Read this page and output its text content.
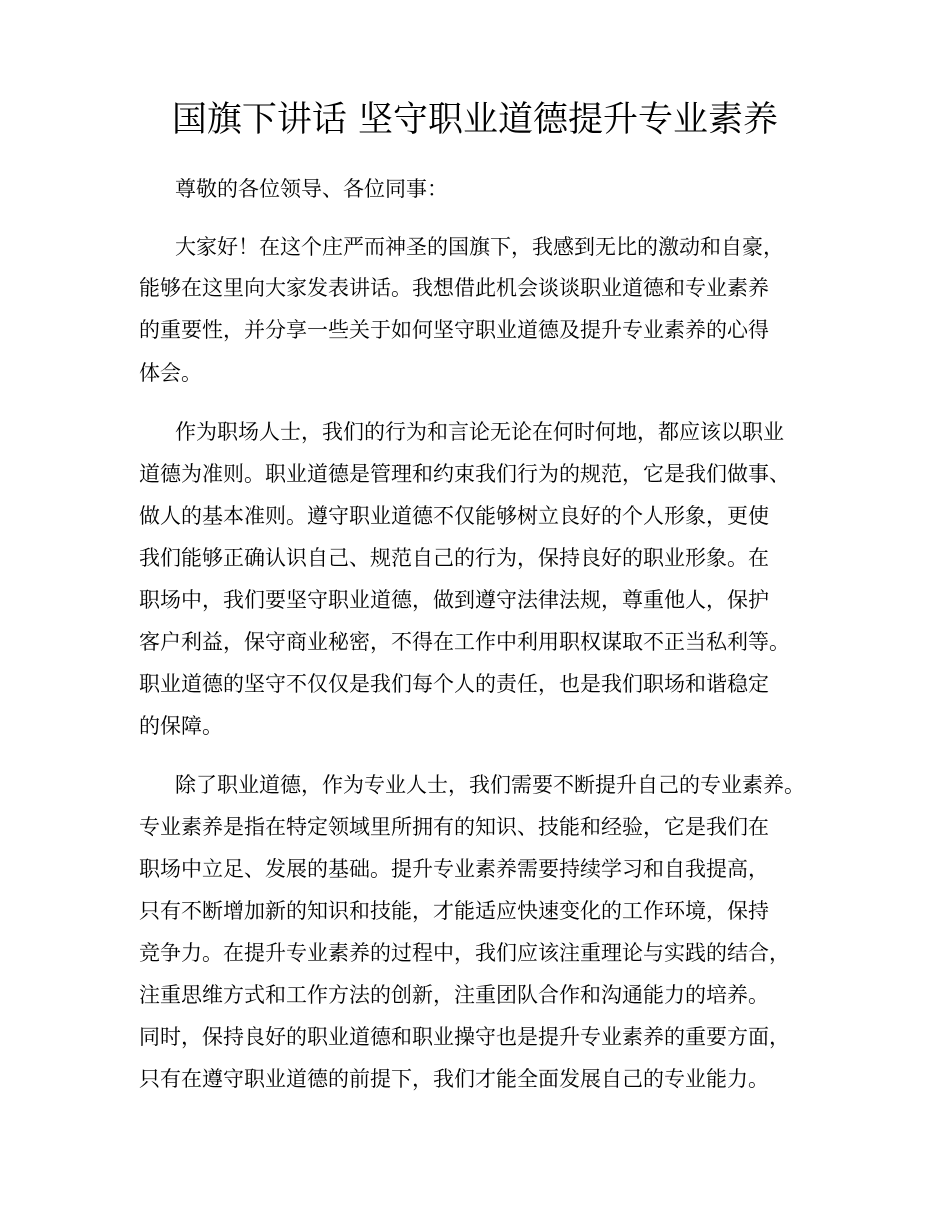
国旗下讲话 坚守职业道德提升专业素养

尊敬的各位领导、各位同事：

大家好！在这个庄严而神圣的国旗下，我感到无比的激动和自豪，

能够在这里向大家发表讲话。我想借此机会谈谈职业道德和专业素养

的重要性，并分享一些关于如何坚守职业道德及提升专业素养的心得

体会。

作为职场人士，我们的行为和言论无论在何时何地，都应该以职业

道德为准则。职业道德是管理和约束我们行为的规范，它是我们做事、

做人的基本准则。遵守职业道德不仅能够树立良好的个人形象，更使

我们能够正确认识自己、规范自己的行为，保持良好的职业形象。在

职场中，我们要坚守职业道德，做到遵守法律法规，尊重他人，保护

客户利益，保守商业秘密，不得在工作中利用职权谋取不正当私利等。

职业道德的坚守不仅仅是我们每个人的责任，也是我们职场和谐稳定

的保障。

除了职业道德，作为专业人士，我们需要不断提升自己的专业素养。

专业素养是指在特定领域里所拥有的知识、技能和经验，它是我们在

职场中立足、发展的基础。提升专业素养需要持续学习和自我提高，

只有不断增加新的知识和技能，才能适应快速变化的工作环境，保持

竞争力。在提升专业素养的过程中，我们应该注重理论与实践的结合，

注重思维方式和工作方法的创新，注重团队合作和沟通能力的培养。

同时，保持良好的职业道德和职业操守也是提升专业素养的重要方面，

只有在遵守职业道德的前提下，我们才能全面发展自己的专业能力。
